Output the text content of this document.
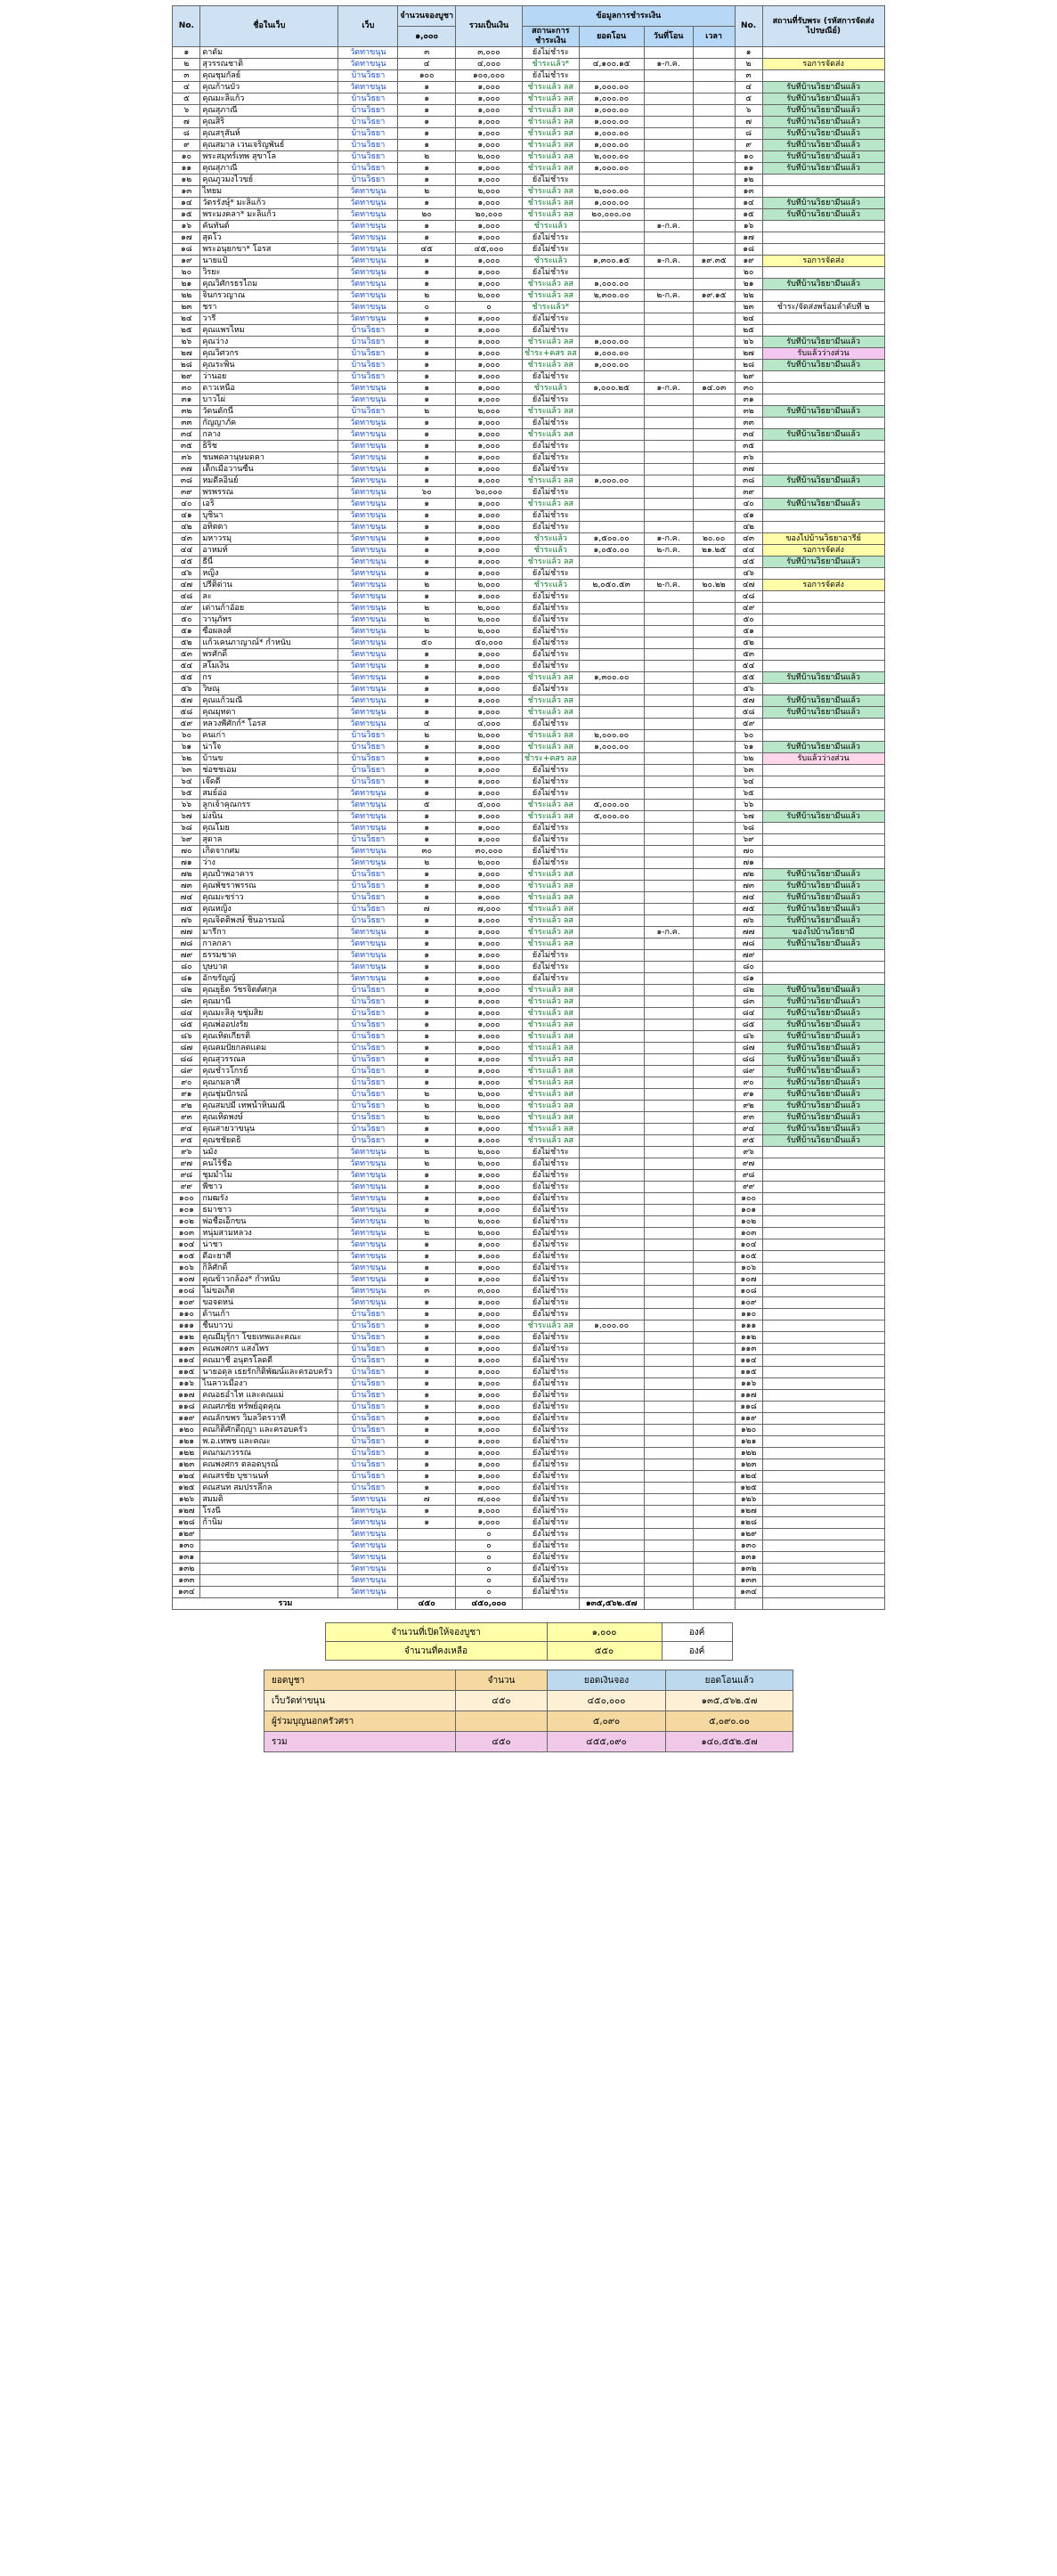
No.	ชื่อในเว็บ	เว็บ	จำนวนจองบูชา	รวมเป็นเงิน	ข้อมูลการชำระเงิน				No.	สถานที่รับพระ (รหัสการจัดส่งไปรษณีย์)
			๑,๐๐๐		สถานะการชำระเงิน	ยอดโอน	วันที่โอน	เวลา		
๑	ดาดัม	วัดทาขนุน	๓	๓,๐๐๐	ยังไม่ชำระ				๑	
๒	สุวรรณชาติ	วัดทาขนุน	๔	๔,๐๐๐	ชำระแล้ว*	๔,๑๐๐.๑๕	๑-ก.ค.		๒	รอการจัดส่ง
๓	คุณชุมกัลย์	บ้านวิธยา	๑๐๐	๑๐๐,๐๐๐	ยังไม่ชำระ				๓	
๔	คุณก้านบัว	วัดทาขนุน	๑	๑,๐๐๐	ชำระแล้ว ลส	๑,๐๐๐.๐๐			๔	รับที่บ้านวิธยามีนแล้ว
๕	คุณมะลิแก้ว	บ้านวิธยา	๑	๑,๐๐๐	ชำระแล้ว ลส	๑,๐๐๐.๐๐			๕	รับที่บ้านวิธยามีนแล้ว
๖	คุณสุภาณี	บ้านวิธยา	๑	๑,๐๐๐	ชำระแล้ว ลส	๑,๐๐๐.๐๐			๖	รับที่บ้านวิธยามีนแล้ว
๗	คุณสิริ	บ้านวิธยา	๑	๑,๐๐๐	ชำระแล้ว ลส	๑,๐๐๐.๐๐			๗	รับที่บ้านวิธยามีนแล้ว
๘	คุณสรุสันห์	บ้านวิธยา	๑	๑,๐๐๐	ชำระแล้ว ลส	๑,๐๐๐.๐๐			๘	รับที่บ้านวิธยามีนแล้ว
๙	คุณสมาล เวนเจริญพันธ์	บ้านวิธยา	๑	๑,๐๐๐	ชำระแล้ว ลส	๑,๐๐๐.๐๐			๙	รับที่บ้านวิธยามีนแล้ว
๑๐	พระสมุทร์เทพ สุขาโล	บ้านวิธยา	๒	๒,๐๐๐	ชำระแล้ว ลส	๒,๐๐๐.๐๐			๑๐	รับที่บ้านวิธยามีนแล้ว
๑๑	คุณสุภาณี	บ้านวิธยา	๑	๑,๐๐๐	ชำระแล้ว ลส	๑,๐๐๐.๐๐			๑๑	รับที่บ้านวิธยามีนแล้ว
๑๒	คุณภูวมงไวขย์	บ้านวิธยา	๑	๑,๐๐๐	ยังไม่ชำระ				๑๒	
๑๓	ไทยม	วัดทาขนุน	๒	๒,๐๐๐	ชำระแล้ว ลส	๒,๐๐๐.๐๐			๑๓	
๑๔	วัตรรังษุ์* มะลิแก้ว	วัดทาขนุน	๑	๑,๐๐๐	ชำระแล้ว ลส	๑,๐๐๐.๐๐			๑๔	รับที่บ้านวิธยามีนแล้ว
๑๕	พระมงคลา* มะลิแก้ว	วัดทาขนุน	๒๐	๒๐,๐๐๐	ชำระแล้ว ลส	๒๐,๐๐๐.๐๐			๑๕	รับที่บ้านวิธยามีนแล้ว
๑๖	คันทันต์	วัดทาขนุน	๑	๑,๐๐๐	ชำระแล้ว		๑-ก.ค.		๑๖	
๑๗	สุดโว	วัดทาขนุน	๑	๑,๐๐๐	ยังไม่ชำระ				๑๗	
๑๘	พระอนุยกขา* โอรส	วัดทาขนุน	๔๕	๔๕,๐๐๐	ยังไม่ชำระ				๑๘	
๑๙	นายแป้	วัดทาขนุน	๑	๑,๐๐๐	ชำระแล้ว	๑,๓๐๐.๑๕	๑-ก.ค.	๑๙.๓๕	๑๙	รอการจัดส่ง
๒๐	วิรยะ	วัดทาขนุน	๑	๑,๐๐๐	ยังไม่ชำระ				๒๐	
๒๑	คุณวิศักรธรไถม	วัดทาขนุน	๑	๑,๐๐๐	ชำระแล้ว ลส	๑,๐๐๐.๐๐			๒๑	รับที่บ้านวิธยามีนแล้ว
๒๒	จินกรวญาณ	วัดทาขนุน	๒	๒,๐๐๐	ชำระแล้ว ลส	๒,๓๐๐.๐๐	๒-ก.ค.	๑๙.๑๕	๒๒	
๒๓	ชรา	วัดทาขนุน	๐	๐	ชำระแล้ว*				๒๓	ชำระ/จัดส่งพร้อมลำดับที่ ๒
๒๔	วารี	วัดทาขนุน	๑	๑,๐๐๐	ยังไม่ชำระ				๒๔	
๒๕	คุณแพรไหม	บ้านวิธยา	๑	๑,๐๐๐	ยังไม่ชำระ				๒๕	
๒๖	คุณว่าง	บ้านวิธยา	๑	๑,๐๐๐	ชำระแล้ว ลส	๑,๐๐๐.๐๐			๒๖	รับที่บ้านวิธยามีนแล้ว
๒๗	คุณวิศวกร	บ้านวิธยา	๑	๑,๐๐๐	ชำระ+คสร ลส	๑,๐๐๐.๐๐			๒๗	รับแล้วว่างส่วน
๒๘	คุณระพิน	บ้านวิธยา	๑	๑,๐๐๐	ชำระแล้ว ลส	๑,๐๐๐.๐๐			๒๘	รับที่บ้านวิธยามีนแล้ว
๒๙	ว่านอย	บ้านวิธยา	๑	๑,๐๐๐	ยังไม่ชำระ				๒๙	
๓๐	ดาวเหนือ	วัดทาขนุน	๑	๑,๐๐๐	ชำระแล้ว	๑,๐๐๐.๒๕	๑-ก.ค.	๑๔.๐๓	๓๐	
๓๑	บาวไผ่	วัดทาขนุน	๑	๑,๐๐๐	ยังไม่ชำระ				๓๑	
๓๒	วัดนดักนี้	บ้านวิธยา	๒	๒,๐๐๐	ชำระแล้ว ลส				๓๒	รับที่บ้านวิธยามีนแล้ว
๓๓	กัญญาภัค	วัดทาขนุน	๑	๑,๐๐๐	ยังไม่ชำระ				๓๓	
๓๔	กลาง	วัดทาขนุน	๑	๑,๐๐๐	ชำระแล้ว ลส				๓๔	รับที่บ้านวิธยามีนแล้ว
๓๕	ธิริช	วัดทาขนุน	๑	๑,๐๐๐	ยังไม่ชำระ				๓๕	
๓๖	ชนพดลานุษมดคา	วัดทาขนุน	๑	๑,๐๐๐	ยังไม่ชำระ				๓๖	
๓๗	เด็กเมื่อวานซื้น	วัดทาขนุน	๑	๑,๐๐๐	ยังไม่ชำระ				๓๗	
๓๘	หมดีลอินย์	วัดทาขนุน	๑	๑,๐๐๐	ชำระแล้ว ลส	๑,๐๐๐.๐๐			๓๘	รับที่บ้านวิธยามีนแล้ว
๓๙	พรพรรณ	วัดทาขนุน	๖๐	๖๐,๐๐๐	ยังไม่ชำระ				๓๙	
๔๐	เอริ	วัดทาขนุน	๑	๑,๐๐๐	ชำระแล้ว ลส				๔๐	รับที่บ้านวิธยามีนแล้ว
๔๑	บุชินา	วัดทาขนุน	๑	๑,๐๐๐	ยังไม่ชำระ				๔๑	
๔๒	อทิตตา	วัดทาขนุน	๑	๑,๐๐๐	ยังไม่ชำระ				๔๒	
๔๓	มหาวรมุ	วัดทาขนุน	๑	๑,๐๐๐	ชำระแล้ว	๑,๕๐๐.๐๐	๑-ก.ค.	๒๐.๐๐	๔๓	ของไปบ้านวิธยาอารีย์
๔๔	อาหมท์	วัดทาขนุน	๑	๑,๐๐๐	ชำระแล้ว	๑,๐๕๐.๐๐	๒-ก.ค.	๒๑.๒๕	๔๔	รอการจัดส่ง
๔๕	ธีนี้	วัดทาขนุน	๑	๑,๐๐๐	ชำระแล้ว ลส				๔๕	รับที่บ้านวิธยามีนแล้ว
๔๖	หญิง	วัดทาขนุน	๑	๑,๐๐๐	ยังไม่ชำระ				๔๖	
๔๗	ปรีติด่าน	วัดทาขนุน	๒	๒,๐๐๐	ชำระแล้ว	๒,๐๕๐.๕๓	๒-ก.ค.	๒๐.๒๒	๔๗	รอการจัดส่ง
๔๘	ละ	วัดทาขนุน	๑	๑,๐๐๐	ยังไม่ชำระ				๔๘	
๔๙	เด่านก้าอัอย	วัดทาขนุน	๒	๒,๐๐๐	ยังไม่ชำระ				๔๙	
๕๐	วานุภัทร	วัดทาขนุน	๒	๒,๐๐๐	ยังไม่ชำระ				๕๐	
๕๑	ซื่อผลงศ์	วัดทาขนุน	๒	๒,๐๐๐	ยังไม่ชำระ				๕๑	
๕๒	แก้วเคนภาญาณ์* กำหนับ	วัดทาขนุน	๕๐	๕๐,๐๐๐	ยังไม่ชำระ				๕๒	
๕๓	พรศักดิ์	วัดทาขนุน	๑	๑,๐๐๐	ยังไม่ชำระ				๕๓	
๕๔	สโมเงิน	วัดทาขนุน	๑	๑,๐๐๐	ยังไม่ชำระ				๕๔	
๕๕	กร	วัดทาขนุน	๑	๑,๐๐๐	ชำระแล้ว ลส	๑,๓๐๐.๐๐			๕๕	รับที่บ้านวิธยามีนแล้ว
๕๖	วิษณุ	วัดทาขนุน	๑	๑,๐๐๐	ยังไม่ชำระ				๕๖	
๕๗	คุณแก้วมณี	วัดทาขนุน	๑	๑,๐๐๐	ชำระแล้ว ลส				๕๗	รับที่บ้านวิธยามีนแล้ว
๕๘	คุณมุทดา	วัดทาขนุน	๑	๑,๐๐๐	ชำระแล้ว ลส				๕๘	รับที่บ้านวิธยามีนแล้ว
๕๙	หลวงพี่ศักก์* โอรส	วัดทาขนุน	๔	๔,๐๐๐	ยังไม่ชำระ				๕๙	
๖๐	คนเก่า	บ้านวิธยา	๒	๒,๐๐๐	ชำระแล้ว ลส	๒,๐๐๐.๐๐			๖๐	
๖๑	น่าใจ	บ้านวิธยา	๑	๑,๐๐๐	ชำระแล้ว ลส	๑,๐๐๐.๐๐			๖๑	รับที่บ้านวิธยามีนแล้ว
๖๒	บ้านข	บ้านวิธยา	๑	๑,๐๐๐	ชำระ+คสร ลส				๖๒	รับแล้วว่างส่วน
๖๓	ช่อชชเอม	บ้านวิธยา	๑	๑,๐๐๐	ยังไม่ชำระ				๖๓	
๖๔	เจ๊ดดี	บ้านวิธยา	๑	๑,๐๐๐	ยังไม่ชำระ				๖๔	
๖๕	สมย์อ่อ	วัดทาขนุน	๑	๑,๐๐๐	ยังไม่ชำระ				๖๕	
๖๖	ลูกเจ้าคุณกรร	วัดทาขนุน	๕	๕,๐๐๐	ชำระแล้ว ลส	๕,๐๐๐.๐๐			๖๖	
๖๗	ม่งนิน	วัดทาขนุน	๑	๑,๐๐๐	ชำระแล้ว ลส	๕,๐๐๐.๐๐			๖๗	รับที่บ้านวิธยามีนแล้ว
๖๘	คุณโมย	วัดทาขนุน	๑	๑,๐๐๐	ยังไม่ชำระ				๖๘	
๖๙	สุดาล	บ้านวิธยา	๑	๑,๐๐๐	ยังไม่ชำระ				๖๙	
๗๐	เกิดจากศม	วัดทาขนุน	๓๐	๓๐,๐๐๐	ยังไม่ชำระ				๗๐	
๗๑	ว่าง	วัดทาขนุน	๒	๒,๐๐๐	ยังไม่ชำระ				๗๑	
๗๒	คุณปำพอาคาร	บ้านวิธยา	๑	๑,๐๐๐	ชำระแล้ว ลส				๗๒	รับที่บ้านวิธยามีนแล้ว
๗๓	คุณพัชราพรรณ	บ้านวิธยา	๑	๑,๐๐๐	ชำระแล้ว ลส				๗๓	รับที่บ้านวิธยามีนแล้ว
๗๔	คุณมะชร่าว	บ้านวิธยา	๑	๑,๐๐๐	ชำระแล้ว ลส				๗๔	รับที่บ้านวิธยามีนแล้ว
๗๕	คุณหญิง	บ้านวิธยา	๗	๗,๐๐๐	ชำระแล้ว ลส				๗๕	รับที่บ้านวิธยามีนแล้ว
๗๖	คุณจิตติพงษ์ ชินอารมณ์	บ้านวิธยา	๑	๑,๐๐๐	ชำระแล้ว ลส				๗๖	รับที่บ้านวิธยามีนแล้ว
๗๗	มารีกา	วัดทาขนุน	๑	๑,๐๐๐	ชำระแล้ว ลส		๑-ก.ค.		๗๗	ของไปบ้านวิธยามี
๗๘	กาลกลา	วัดทาขนุน	๑	๑,๐๐๐	ชำระแล้ว ลส				๗๘	รับที่บ้านวิธยามีนแล้ว
๗๙	ธรรมชาด	วัดทาขนุน	๑	๑,๐๐๐	ยังไม่ชำระ				๗๙	
๘๐	บุษบาต	วัดทาขนุน	๑	๑,๐๐๐	ยังไม่ชำระ				๘๐	
๘๑	อักขรัญญ์	วัดทาขนุน	๑	๑,๐๐๐	ยังไม่ชำระ				๘๑	
๘๒	คุณยุธิต วัชรจิตต์ศกุล	บ้านวิธยา	๑	๑,๐๐๐	ชำระแล้ว ลส				๘๒	รับที่บ้านวิธยามีนแล้ว
๘๓	คุณมานี	บ้านวิธยา	๑	๑,๐๐๐	ชำระแล้ว ลส				๘๓	รับที่บ้านวิธยามีนแล้ว
๘๔	คุณมะลิลุ ขชุ่มสิย	บ้านวิธยา	๑	๑,๐๐๐	ชำระแล้ว ลส				๘๔	รับที่บ้านวิธยามีนแล้ว
๘๕	คุณพ่ออปงรัย	บ้านวิธยา	๑	๑,๐๐๐	ชำระแล้ว ลส				๘๕	รับที่บ้านวิธยามีนแล้ว
๘๖	คุณเทิดเกียรติ	บ้านวิธยา	๑	๑,๐๐๐	ชำระแล้ว ลส				๘๖	รับที่บ้านวิธยามีนแล้ว
๘๗	คุณคมปัยกลตแดม	บ้านวิธยา	๑	๑,๐๐๐	ชำระแล้ว ลส				๘๗	รับที่บ้านวิธยามีนแล้ว
๘๘	คุณสุวรรณล	บ้านวิธยา	๑	๑,๐๐๐	ชำระแล้ว ลส				๘๘	รับที่บ้านวิธยามีนแล้ว
๘๙	คุณชำวโกรย์	บ้านวิธยา	๑	๑,๐๐๐	ชำระแล้ว ลส				๘๙	รับที่บ้านวิธยามีนแล้ว
๙๐	คุณกมลาศี	บ้านวิธยา	๑	๑,๐๐๐	ชำระแล้ว ลส				๙๐	รับที่บ้านวิธยามีนแล้ว
๙๑	คุณชุ่มปักรณ์	บ้านวิธยา	๒	๒,๐๐๐	ชำระแล้ว ลส				๙๑	รับที่บ้านวิธยามีนแล้ว
๙๒	คุณสมปมี เทพน้ำหินมณี	บ้านวิธยา	๒	๒,๐๐๐	ชำระแล้ว ลส				๙๒	รับที่บ้านวิธยามีนแล้ว
๙๓	คุณเทิดพงษ์	บ้านวิธยา	๒	๒,๐๐๐	ชำระแล้ว ลส				๙๓	รับที่บ้านวิธยามีนแล้ว
๙๔	คุณสายวาขนุน	บ้านวิธยา	๑	๑,๐๐๐	ชำระแล้ว ลส				๙๔	รับที่บ้านวิธยามีนแล้ว
๙๕	คุณชชัยดธิ	บ้านวิธยา	๑	๑,๐๐๐	ชำระแล้ว ลส				๙๕	รับที่บ้านวิธยามีนแล้ว
๙๖	นมัง	วัดทาขนุน	๒	๒,๐๐๐	ยังไม่ชำระ				๙๖	
๙๗	คนไร้ชื่อ	วัดทาขนุน	๒	๒,๐๐๐	ยังไม่ชำระ				๙๗	
๙๘	ชุมมำไม	วัดทาขนุน	๑	๑,๐๐๐	ยังไม่ชำระ				๙๘	
๙๙	พีชาว	วัดทาขนุน	๑	๑,๐๐๐	ยังไม่ชำระ				๙๙	
๑๐๐	กมฒรัง	วัดทาขนุน	๑	๑,๐๐๐	ยังไม่ชำระ				๑๐๐	
๑๐๑	ธมาชาว	วัดทาขนุน	๑	๑,๐๐๐	ยังไม่ชำระ				๑๐๑	
๑๐๒	พ่อชื้อเอ็กขน	วัดทาขนุน	๒	๒,๐๐๐	ยังไม่ชำระ				๑๐๒	
๑๐๓	หนุ่มสามหลวง	วัดทาขนุน	๒	๒,๐๐๐	ยังไม่ชำระ				๑๐๓	
๑๐๔	น่าชา	วัดทาขนุน	๑	๑,๐๐๐	ยังไม่ชำระ				๑๐๔	
๑๐๕	ดีอะยาศี	วัดทาขนุน	๑	๑,๐๐๐	ยังไม่ชำระ				๑๐๕	
๑๐๖	กิลิศักดิ์	วัดทาขนุน	๑	๑,๐๐๐	ยังไม่ชำระ				๑๐๖	
๑๐๗	คุณข้าวกล้อง* กำหนับ	วัดทาขนุน	๑	๑,๐๐๐	ยังไม่ชำระ				๑๐๗	
๑๐๘	ไม่ขอเก็ต	วัดทาขนุน	๓	๓,๐๐๐	ยังไม่ชำระ				๑๐๘	
๑๐๙	ขอจดหน่	วัดทาขนุน	๑	๑,๐๐๐	ยังไม่ชำระ				๑๐๙	
๑๑๐	ด้านเก้า	บ้านวิธยา	๑	๑,๐๐๐	ยังไม่ชำระ				๑๑๐	
๑๑๑	ชื้นบาวบ่	บ้านวิธยา	๑	๑,๐๐๐	ชำระแล้ว ลส	๑,๐๐๐.๐๐			๑๑๑	
๑๑๒	คุณมีมุรุ้กา โขยเทพและคณะ	บ้านวิธยา	๑	๑,๐๐๐	ยังไม่ชำระ				๑๑๒	
๑๑๓	คณพงศกร แสงไพร	บ้านวิธยา	๑	๑,๐๐๐	ยังไม่ชำระ				๑๑๓	
๑๑๔	คณมาชี อนุตรโลดดี	บ้านวิธยา	๑	๑,๐๐๐	ยังไม่ชำระ				๑๑๔	
๑๑๕	นายอดุล เธยรักกิติพัฒน์และครอบครัว	บ้านวิธยา	๑	๑,๐๐๐	ยังไม่ชำระ				๑๑๕	
๑๑๖	ไนลาวเมืองา	บ้านวิธยา	๑	๑,๐๐๐	ยังไม่ชำระ				๑๑๖	
๑๑๗	คณอธอำไท และคณแม่	บ้านวิธยา	๑	๑,๐๐๐	ยังไม่ชำระ				๑๑๗	
๑๑๘	คณศภชัย ทรัพย์อุตคุณ	บ้านวิธยา	๑	๑,๐๐๐	ยังไม่ชำระ				๑๑๘	
๑๑๙	คณลักขพร วิมลวิตรวาที	บ้านวิธยา	๑	๑,๐๐๐	ยังไม่ชำระ				๑๑๙	
๑๒๐	คณกิติศักดิ์ฤญูา และครอบครัว	บ้านวิธยา	๑	๑,๐๐๐	ยังไม่ชำระ				๑๒๐	
๑๒๑	พ.อ.เทพช และคณะ	บ้านวิธยา	๑	๑,๐๐๐	ยังไม่ชำระ				๑๒๑	
๑๒๒	คณกมภวรรณ	บ้านวิธยา	๑	๑,๐๐๐	ยังไม่ชำระ				๑๒๒	
๑๒๓	คณพงศกร ตลอดบุรณ์	บ้านวิธยา	๑	๑,๐๐๐	ยังไม่ชำระ				๑๒๓	
๑๒๔	คณสรชัย บุชานนท์	บ้านวิธยา	๑	๑,๐๐๐	ยังไม่ชำระ				๑๒๔	
๑๒๕	คณสนท สมปรรลึกล	บ้านวิธยา	๑	๑,๐๐๐	ยังไม่ชำระ				๑๒๕	
๑๒๖	สมมติ	วัดทาขนุน	๗	๗,๐๐๐	ยังไม่ชำระ				๑๒๖	
๑๒๗	โรงนี	วัดทาขนุน	๑	๑,๐๐๐	ยังไม่ชำระ				๑๒๗	
๑๒๘	ก้านิม	วัดทาขนุน	๑	๑,๐๐๐	ยังไม่ชำระ				๑๒๘	
๑๒๙		วัดทาขนุน		๐	ยังไม่ชำระ				๑๒๙	
๑๓๐		วัดทาขนุน		๐	ยังไม่ชำระ				๑๓๐	
๑๓๑		วัดทาขนุน		๐	ยังไม่ชำระ				๑๓๑	
๑๓๒		วัดทาขนุน		๐	ยังไม่ชำระ				๑๓๒	
๑๓๓		วัดทาขนุน		๐	ยังไม่ชำระ				๑๓๓	
๑๓๔		วัดทาขนุน		๐	ยังไม่ชำระ				๑๓๔	
รวม			๔๕๐	๔๕๐,๐๐๐		๑๓๕,๕๖๒.๕๗				
จำนวนที่เปิดให้จองบูชา	๑,๐๐๐	องค์
จำนวนที่คงเหลือ	๕๕๐	องค์
ยอดบูชา	จำนวน	ยอดเงินจอง	ยอดโอนแล้ว
เว็บวัดท่าขนุน	๔๕๐	๔๕๐,๐๐๐	๑๓๕,๕๖๒.๕๗
ผู้ร่วมบุญนอกครัวศรา		๕,๐๙๐	๕,๐๙๐.๐๐
รวม	๔๕๐	๔๕๕,๐๙๐	๑๔๐,๕๕๒.๕๗
